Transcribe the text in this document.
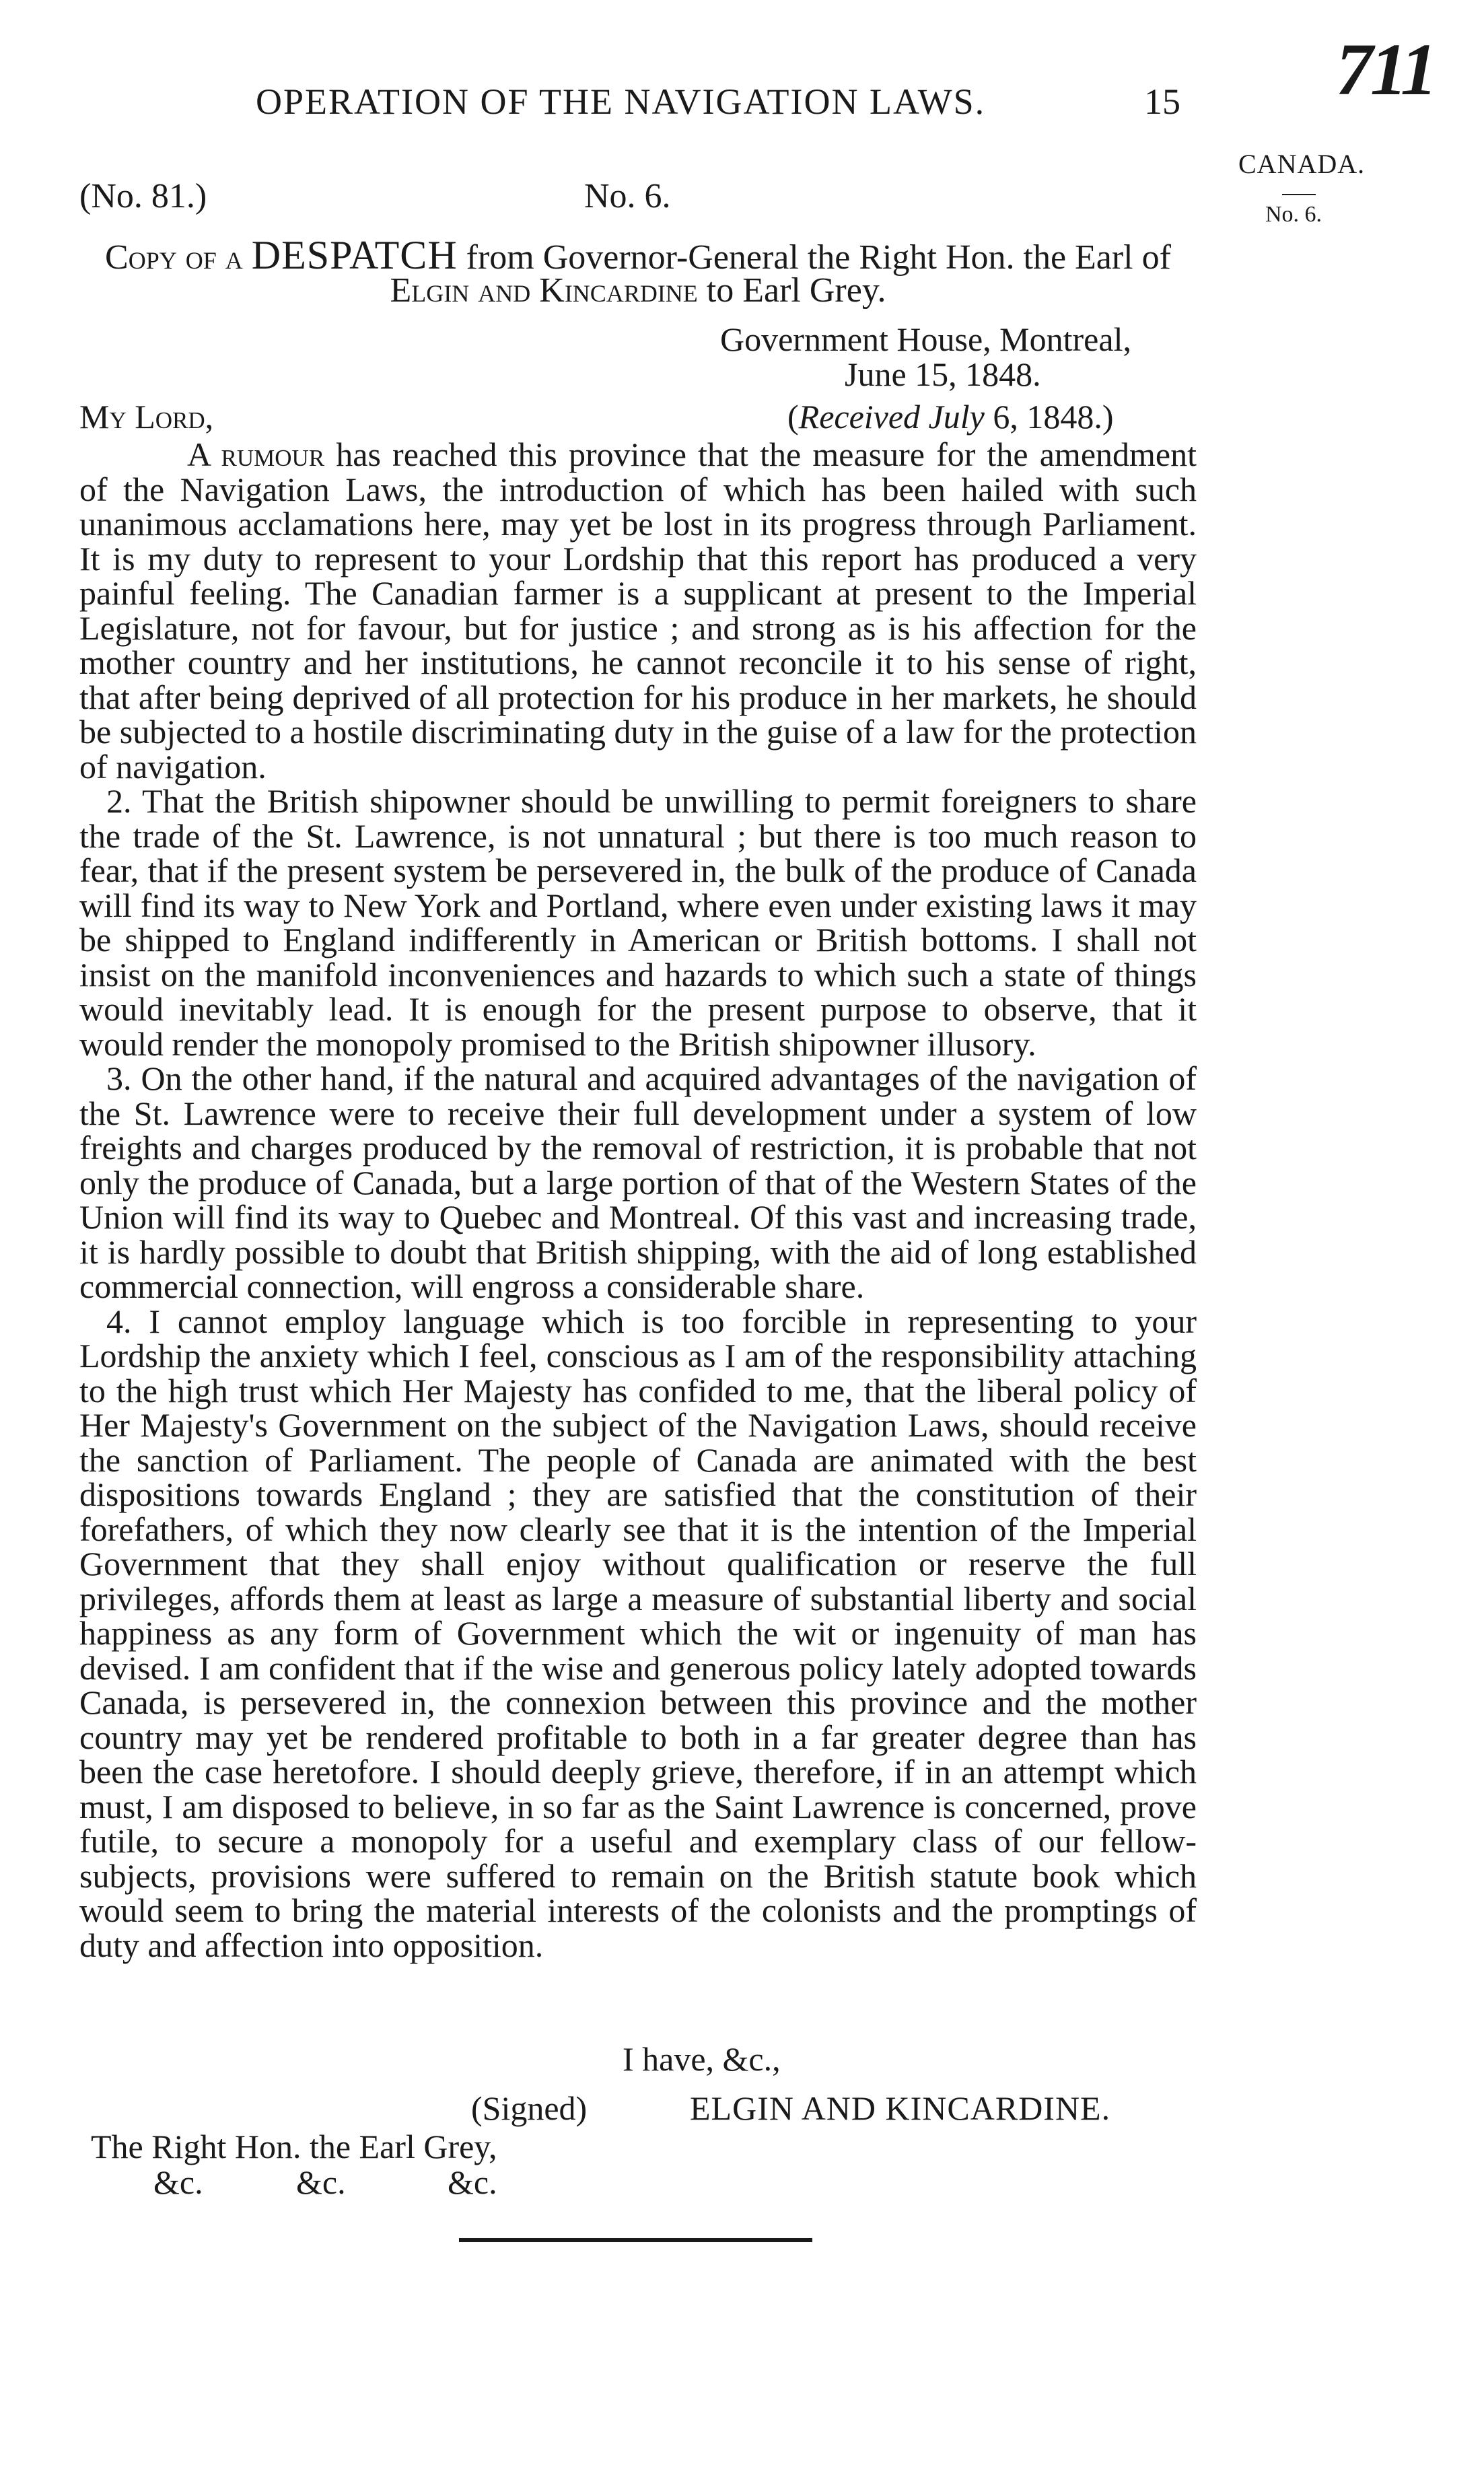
OPERATION OF THE NAVIGATION LAWS.	15 711
CANADA.
No. 6.
(No. 81.)	No. 6.
Copy of a DESPATCH from Governor-General the Right Hon. the Earl of
Elgin and Kincardine to Earl Grey.
Government House, Montreal,
June 15, 1848.
(Received July 6, 1848.)
My Lord,

A rumour has reached this province that the measure for the amendment of the Navigation Laws, the introduction of which has been hailed with such unanimous acclamations here, may yet be lost in its progress through Parliament. It is my duty to represent to your Lordship that this report has produced a very painful feeling. The Canadian farmer is a supplicant at present to the Imperial Legislature, not for favour, but for justice ; and strong as is his affection for the mother country and her institutions, he cannot reconcile it to his sense of right, that after being deprived of all protection for his produce in her markets, he should be subjected to a hostile discriminating duty in the guise of a law for the protection of navigation.

2. That the British shipowner should be unwilling to permit foreigners to share the trade of the St. Lawrence, is not unnatural ; but there is too much reason to fear, that if the present system be persevered in, the bulk of the produce of Canada will find its way to New York and Portland, where even under existing laws it may be shipped to England indifferently in American or British bottoms. I shall not insist on the manifold inconveniences and hazards to which such a state of things would inevitably lead. It is enough for the present purpose to observe, that it would render the monopoly promised to the British shipowner illusory.

3. On the other hand, if the natural and acquired advantages of the navigation of the St. Lawrence were to receive their full development under a system of low freights and charges produced by the removal of restriction, it is probable that not only the produce of Canada, but a large portion of that of the Western States of the Union will find its way to Quebec and Montreal. Of this vast and increasing trade, it is hardly possible to doubt that British shipping, with the aid of long established commercial connection, will engross a considerable share.

4. I cannot employ language which is too forcible in representing to your Lordship the anxiety which I feel, conscious as I am of the responsibility attaching to the high trust which Her Majesty has confided to me, that the liberal policy of Her Majesty's Government on the subject of the Navigation Laws, should receive the sanction of Parliament. The people of Canada are animated with the best dispositions towards England ; they are satisfied that the constitution of their forefathers, of which they now clearly see that it is the intention of the Imperial Government that they shall enjoy without qualification or reserve the full privileges, affords them at least as large a measure of substantial liberty and social happiness as any form of Government which the wit or ingenuity of man has devised. I am confident that if the wise and generous policy lately adopted towards Canada, is persevered in, the connexion between this province and the mother country may yet be rendered profitable to both in a far greater degree than has been the case heretofore. I should deeply grieve, therefore, if in an attempt which must, I am disposed to believe, in so far as the Saint Lawrence is concerned, prove futile, to secure a monopoly for a useful and exemplary class of our fellow-subjects, provisions were suffered to remain on the British statute book which would seem to bring the material interests of the colonists and the promptings of duty and affection into opposition.

I have, &c.,
(Signed)	ELGIN AND KINCARDINE.
The Right Hon. the Earl Grey,
&c.	&c.	&c.
